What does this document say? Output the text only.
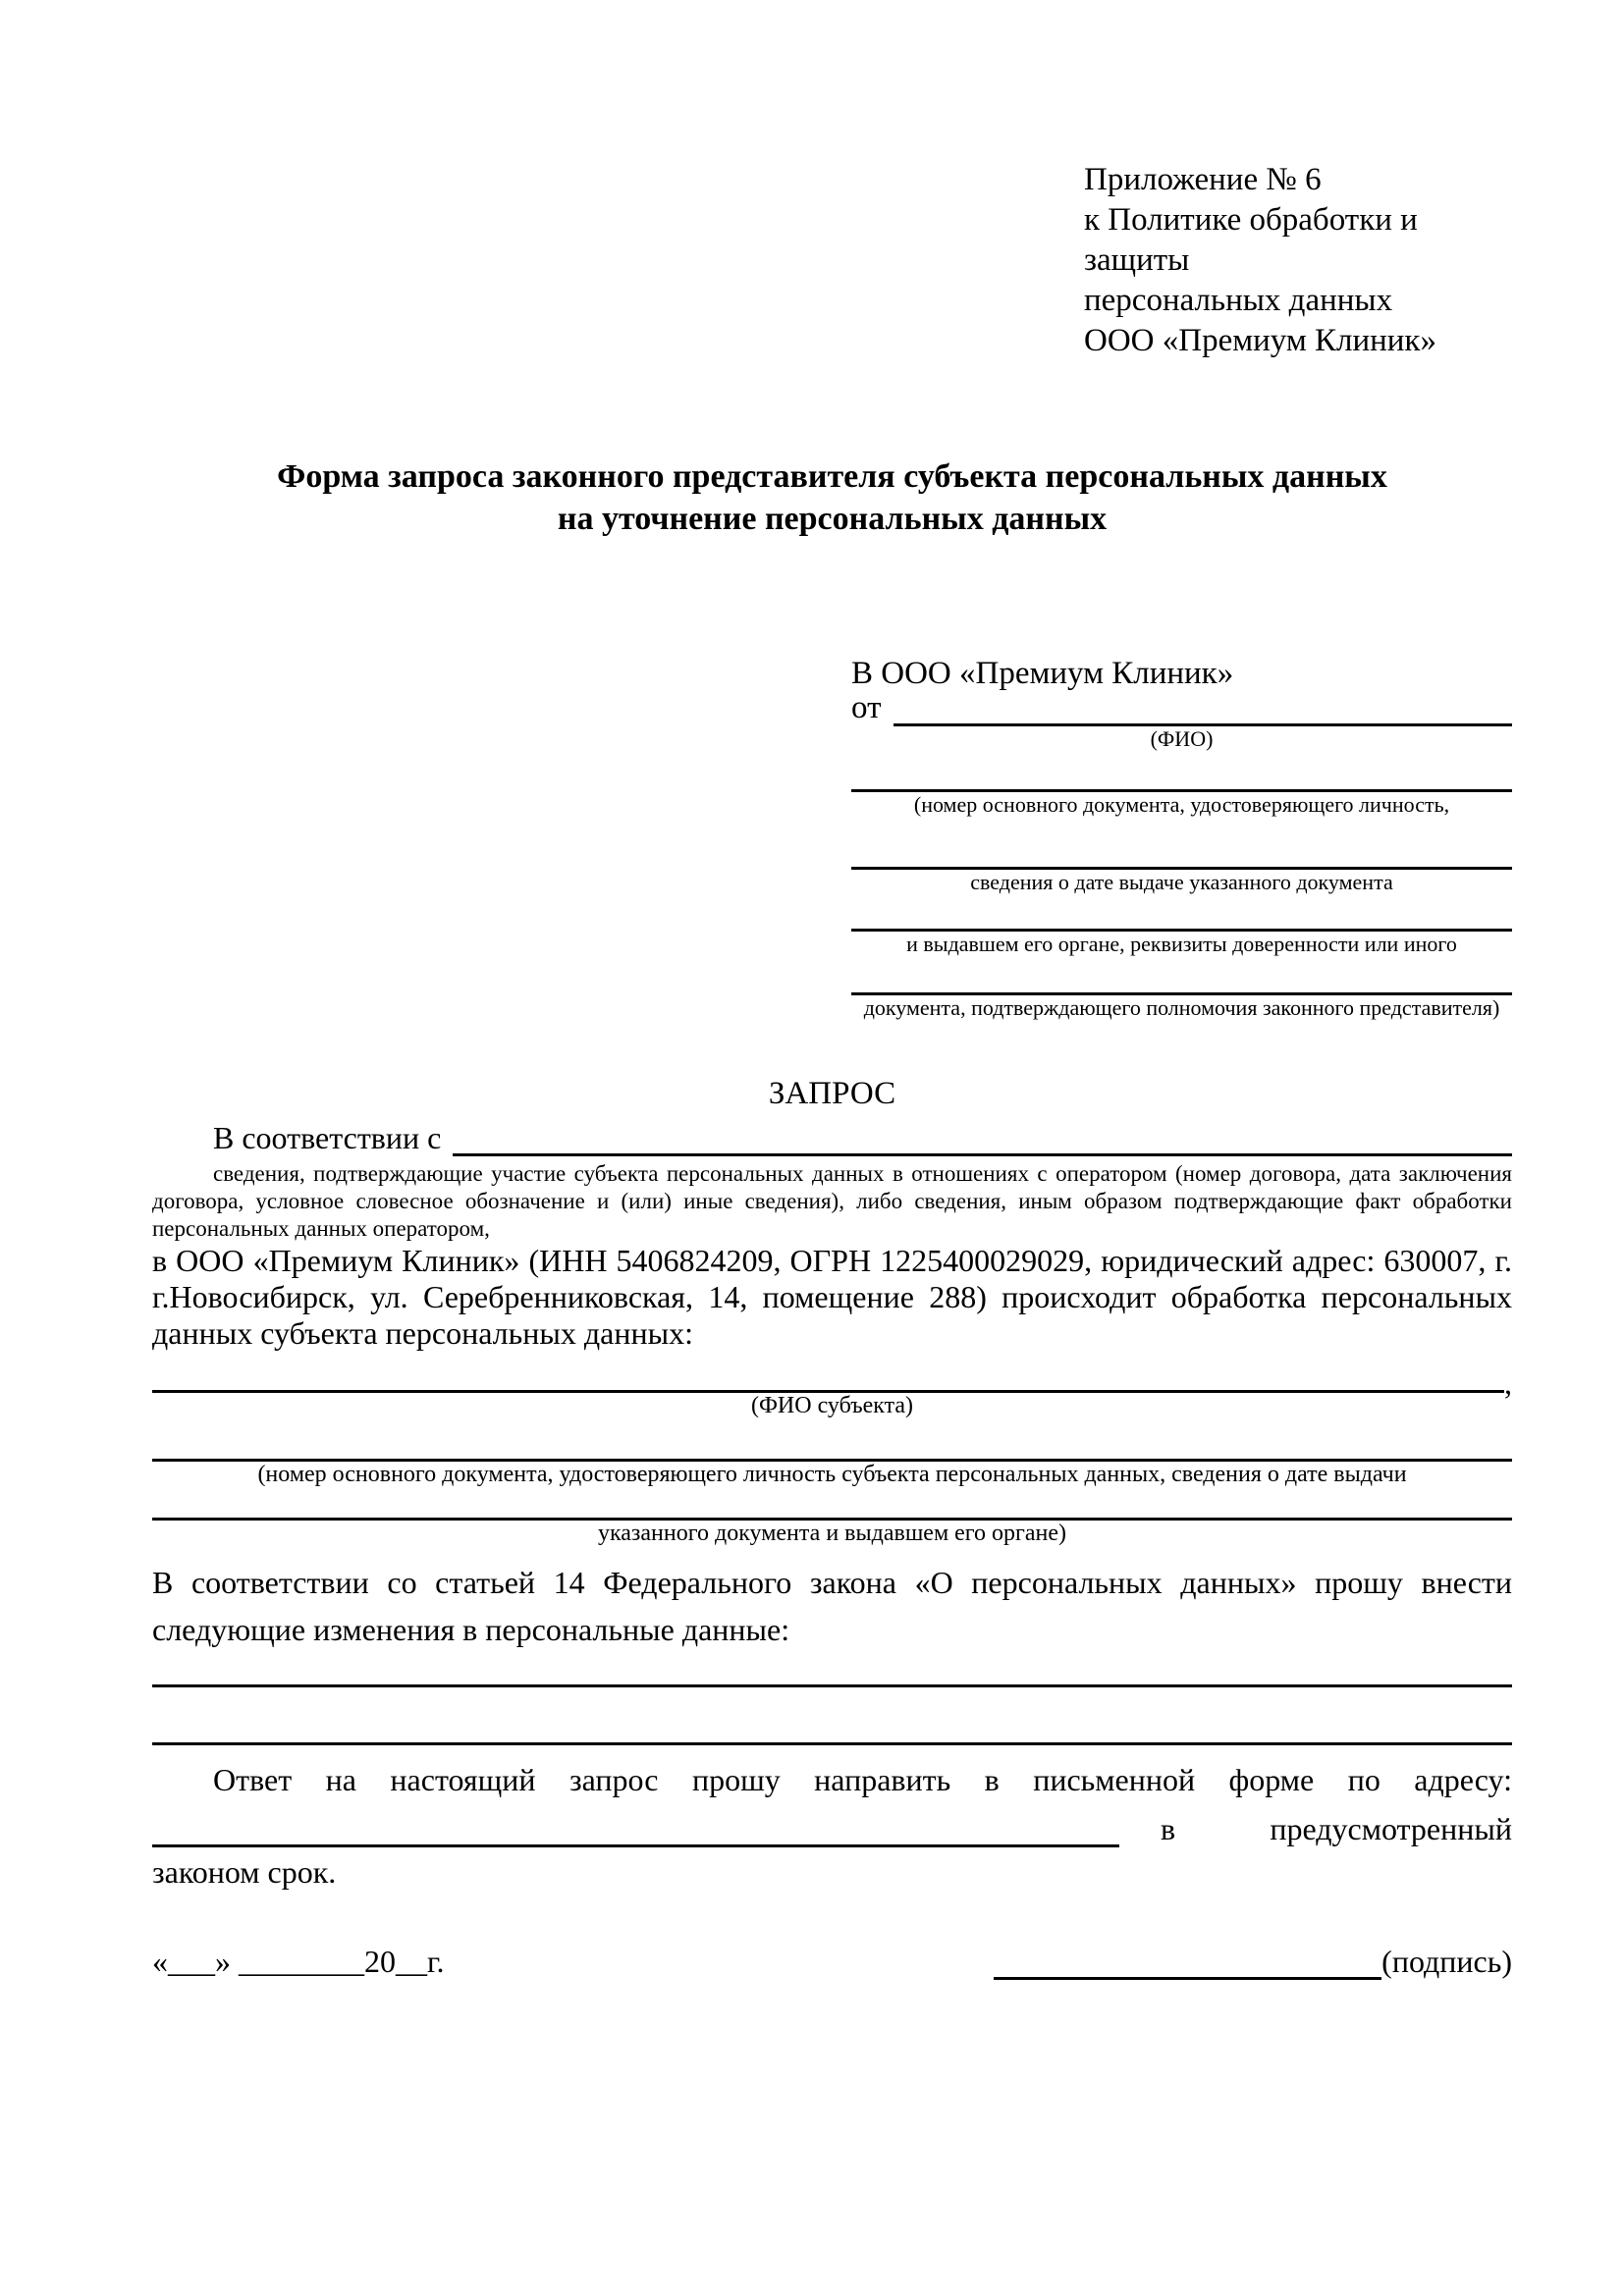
Приложение № 6
к Политике обработки и защиты
персональных данных
ООО «Премиум Клиник»
Форма запроса законного представителя субъекта персональных данных
на уточнение персональных данных
В ООО «Премиум Клиник»
от
(ФИО)
(номер основного документа, удостоверяющего личность,
сведения о дате выдаче указанного документа
и выдавшем его органе, реквизиты доверенности или иного
документа, подтверждающего полномочия законного представителя)
ЗАПРОС
В соответствии с

сведения, подтверждающие участие субъекта персональных данных в отношениях с оператором (номер договора, дата заключения договора, условное словесное обозначение и (или) иные сведения), либо сведения, иным образом подтверждающие факт обработки персональных данных оператором,

в ООО «Премиум Клиник» (ИНН 5406824209, ОГРН 1225400029029, юридический адрес: 630007, г. г.Новосибирск, ул. Серебренниковская, 14, помещение 288) происходит обработка персональных данных субъекта персональных данных:

,
(ФИО субъекта)
(номер основного документа, удостоверяющего личность субъекта персональных данных, сведения о дате выдачи
указанного документа и выдавшем его органе)

В соответствии со статьей 14 Федерального закона «О персональных данных» прошу внести следующие изменения в персональные данные:

Ответ на настоящий запрос прошу направить в письменной форме по адресу:
в	предусмотренный
законом срок.
«___» ________20__г.	(подпись)
